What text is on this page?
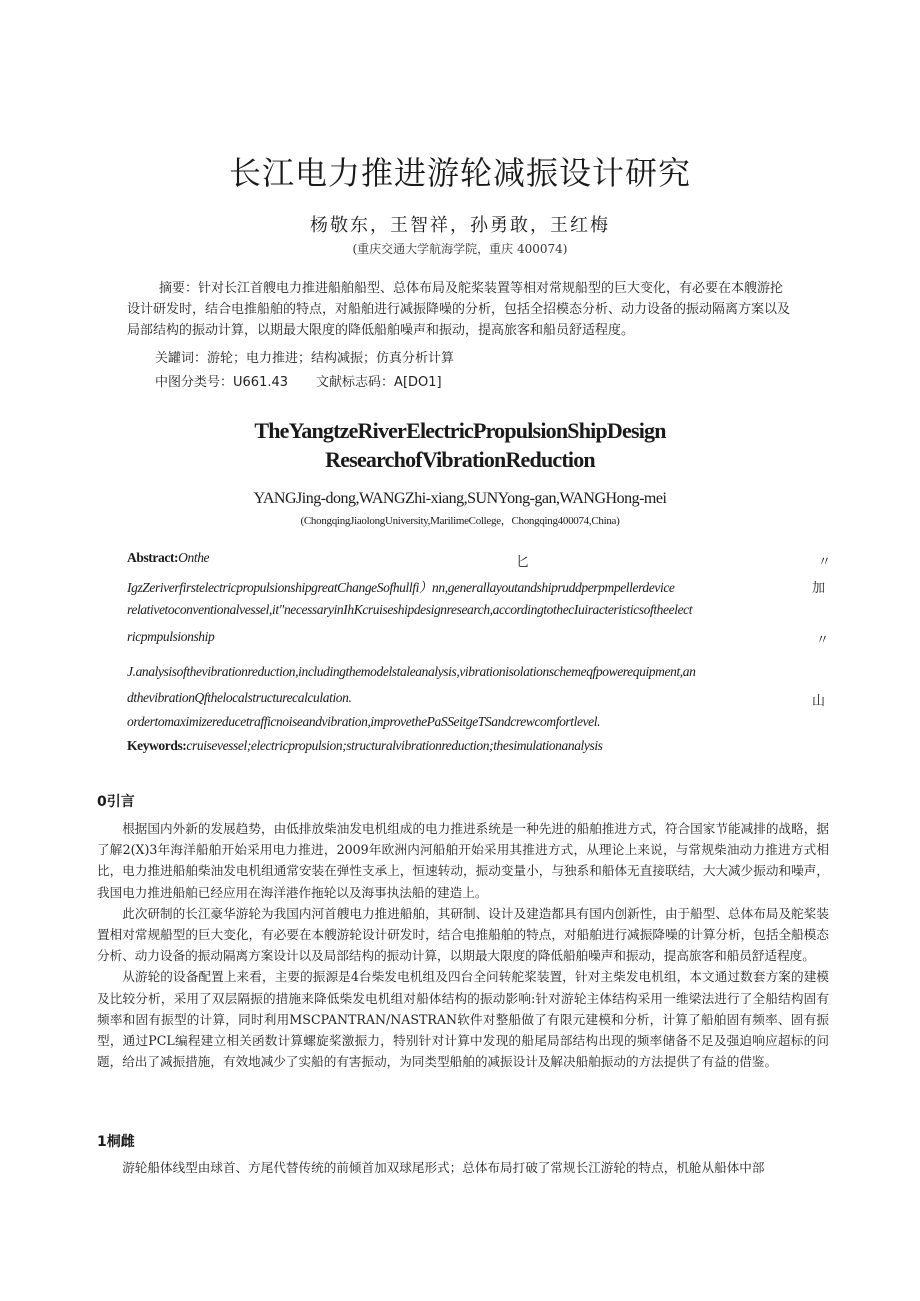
长江电力推进游轮减振设计研究
杨敬东，王智祥，孙勇敢，王红梅
(重庆交通大学航海学院，重庆 400074)

摘要：针对长江首艘电力推进船舶船型、总体布局及舵桨装置等相对常规船型的巨大变化，有必要在本艘游抡

设计研发时，结合电推船舶的特点，对船舶进行减振降噪的分析，包括全招模态分析、动力设备的振动隔离方案以及

局部结构的振动计算，以期最大限度的降低船舶噪声和振动，提高旅客和船员舒适程度。

关罐词：游轮；电力推进；结构减振；仿真分析计算

中图分类号：U661.43 文献标志码：A[DO1]

TheYangtzeRiverElectricPropulsionShipDesign
ResearchofVibrationReduction
YANGJing-dong,WANGZhi-xiang,SUNYong-gan,WANGHong-mei
(ChongqingJiaolongUniversity,MarilimeCollege，Chongqing400074,China)
Abstract:Onthe	匕	〃
IgzZeriverfirstelectricpropulsionshipgreatChangeSofhullfi）nn,generallayoutandshipruddperpmpellerdevice	加
relativetoconventionalvessel,it"necessaryinIhKcruiseshipdesignresearch,accordingtothecIuiracteristicsoftheelect
ricpmpulsionship	〃
J.analysisofthevibrationreduction,includingthemodelstaleanalysis,vibrationisolationschemeqfpowerequipment,an
dthevibrationQfthelocalstructurecalculation.	山
ordertomaximizereducetrafficnoiseandvibration,improvethePaSSeitgeTSandcrewcomfortlevel.
Keywords:cruisevessel;electricpropulsion;structuralvibrationreduction;thesimulationanalysis
0引言

根据国内外新的发展趋势，由低排放柴油发电机组成的电力推进系统是一种先进的船舶推进方式，符合国家节能减排的战略，据了解2(X)3年海洋船舶开始采用电力推进，2009年欧洲内河船舶开始采用其推进方式，从理论上来说，与常规柴油动力推进方式相比，电力推进船舶柴油发电机组通常安装在弹性支承上，恒速转动，振动变量小，与独系和船体无直接联结，大大减少振动和噪声，我国电力推进船舶已经应用在海洋港作拖轮以及海事执法船的建造上。

此次研制的长江豪华游轮为我国内河首艘电力推进船舶，其研制、设计及建造都具有国内创新性，由于船型、总体布局及舵桨装置相对常规船型的巨大变化，有必要在本艘游轮设计研发时，结合电推船舶的特点，对船舶进行减振降噪的计算分析，包括全船模态分析、动力设备的振动隔离方案设计以及局部结构的振动计算，以期最大限度的降低船舶噪声和振动，提高旅客和船员舒适程度。

从游轮的设备配置上来看，主要的振源是4台柴发电机组及四台全问转舵桨装置，针对主柴发电机组，本文通过数套方案的建模及比较分析，采用了双层隔振的措施来降低柴发电机组对船体结构的振动影响:针对游轮主体结构采用一维梁法进行了全船结构固有频率和固有振型的计算，同时利用MSCPANTRAN/NASTRAN软件对整船做了有限元建模和分析，计算了船舶固有频率、固有振型，通过PCL编程建立相关函数计算螺旋桨激振力，特别针对计算中发现的船尾局部结构出现的频率储备不足及强迫响应超标的问题，给出了减振措施，有效地减少了实船的有害振动，为同类型船舶的减振设计及解决船舶振动的方法提供了有益的借鉴。

1桐雌

游轮船体线型由球首、方尾代替传统的前倾首加双球尾形式；总体布局打破了常规长江游轮的特点，机舱从船体中部
